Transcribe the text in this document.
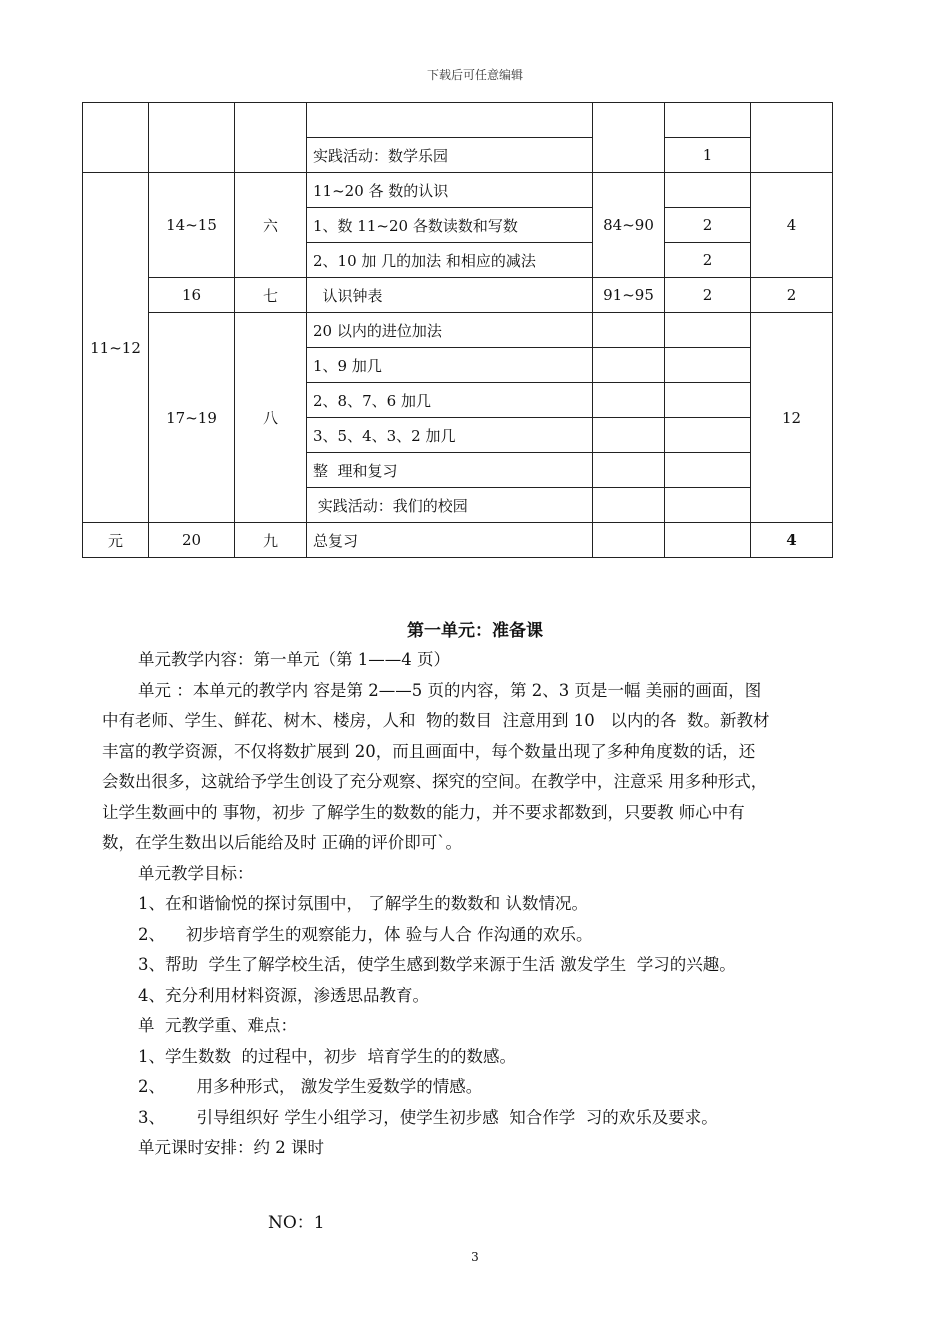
下载后可任意编辑

			实践活动：数学乐园		1	
11~12	14~15	六	11~20 各 数的认识	84~90		4
			1、数 11~20 各数读数和写数		2	
			2、10 加 几的加法 和相应的减法		2	
	16	七	认识钟表	91~95	2	2
	17~19	八	20 以内的进位加法			12
			1、9 加几			
			2、8、7、6 加几			
			3、5、4、3、2 加几			
			整  理和复习			
			实践活动：我们的校园			
元	20	九	总复习			4
第一单元：准备课

单元教学内容：第一单元（第 1——4 页）

单元 ：本单元的教学内 容是第 2——5 页的内容，第 2、3 页是一幅 美丽的画面，图

中有老师、学生、鲜花、树木、楼房，人和  物的数目  注意用到 10   以内的各  数。新教材

丰富的教学资源，不仅将数扩展到 20，而且画面中，每个数量出现了多种角度数的话，还

会数出很多，这就给予学生创设了充分观察、探究的空间。在教学中，注意采 用多种形式，

让学生数画中的 事物，初步 了解学生的数数的能力，并不要求都数到，只要教 师心中有

数，在学生数出以后能给及时 正确的评价即可`。

单元教学目标：

1、在和谐愉悦的探讨氛围中， 了解学生的数数和 认数情况。

2、    初步培育学生的观察能力，体 验与人合 作沟通的欢乐。

3、帮助  学生了解学校生活，使学生感到数学来源于生活 激发学生  学习的兴趣。

4、充分利用材料资源，渗透思品教育。

单  元教学重、难点：

1、学生数数  的过程中，初步  培育学生的的数感。

2、      用多种形式， 激发学生爱数学的情感。

3、      引导组织好 学生小组学习，使学生初步感  知合作学  习的欢乐及要求。

单元课时安排：约 2 课时

NO：1
3
